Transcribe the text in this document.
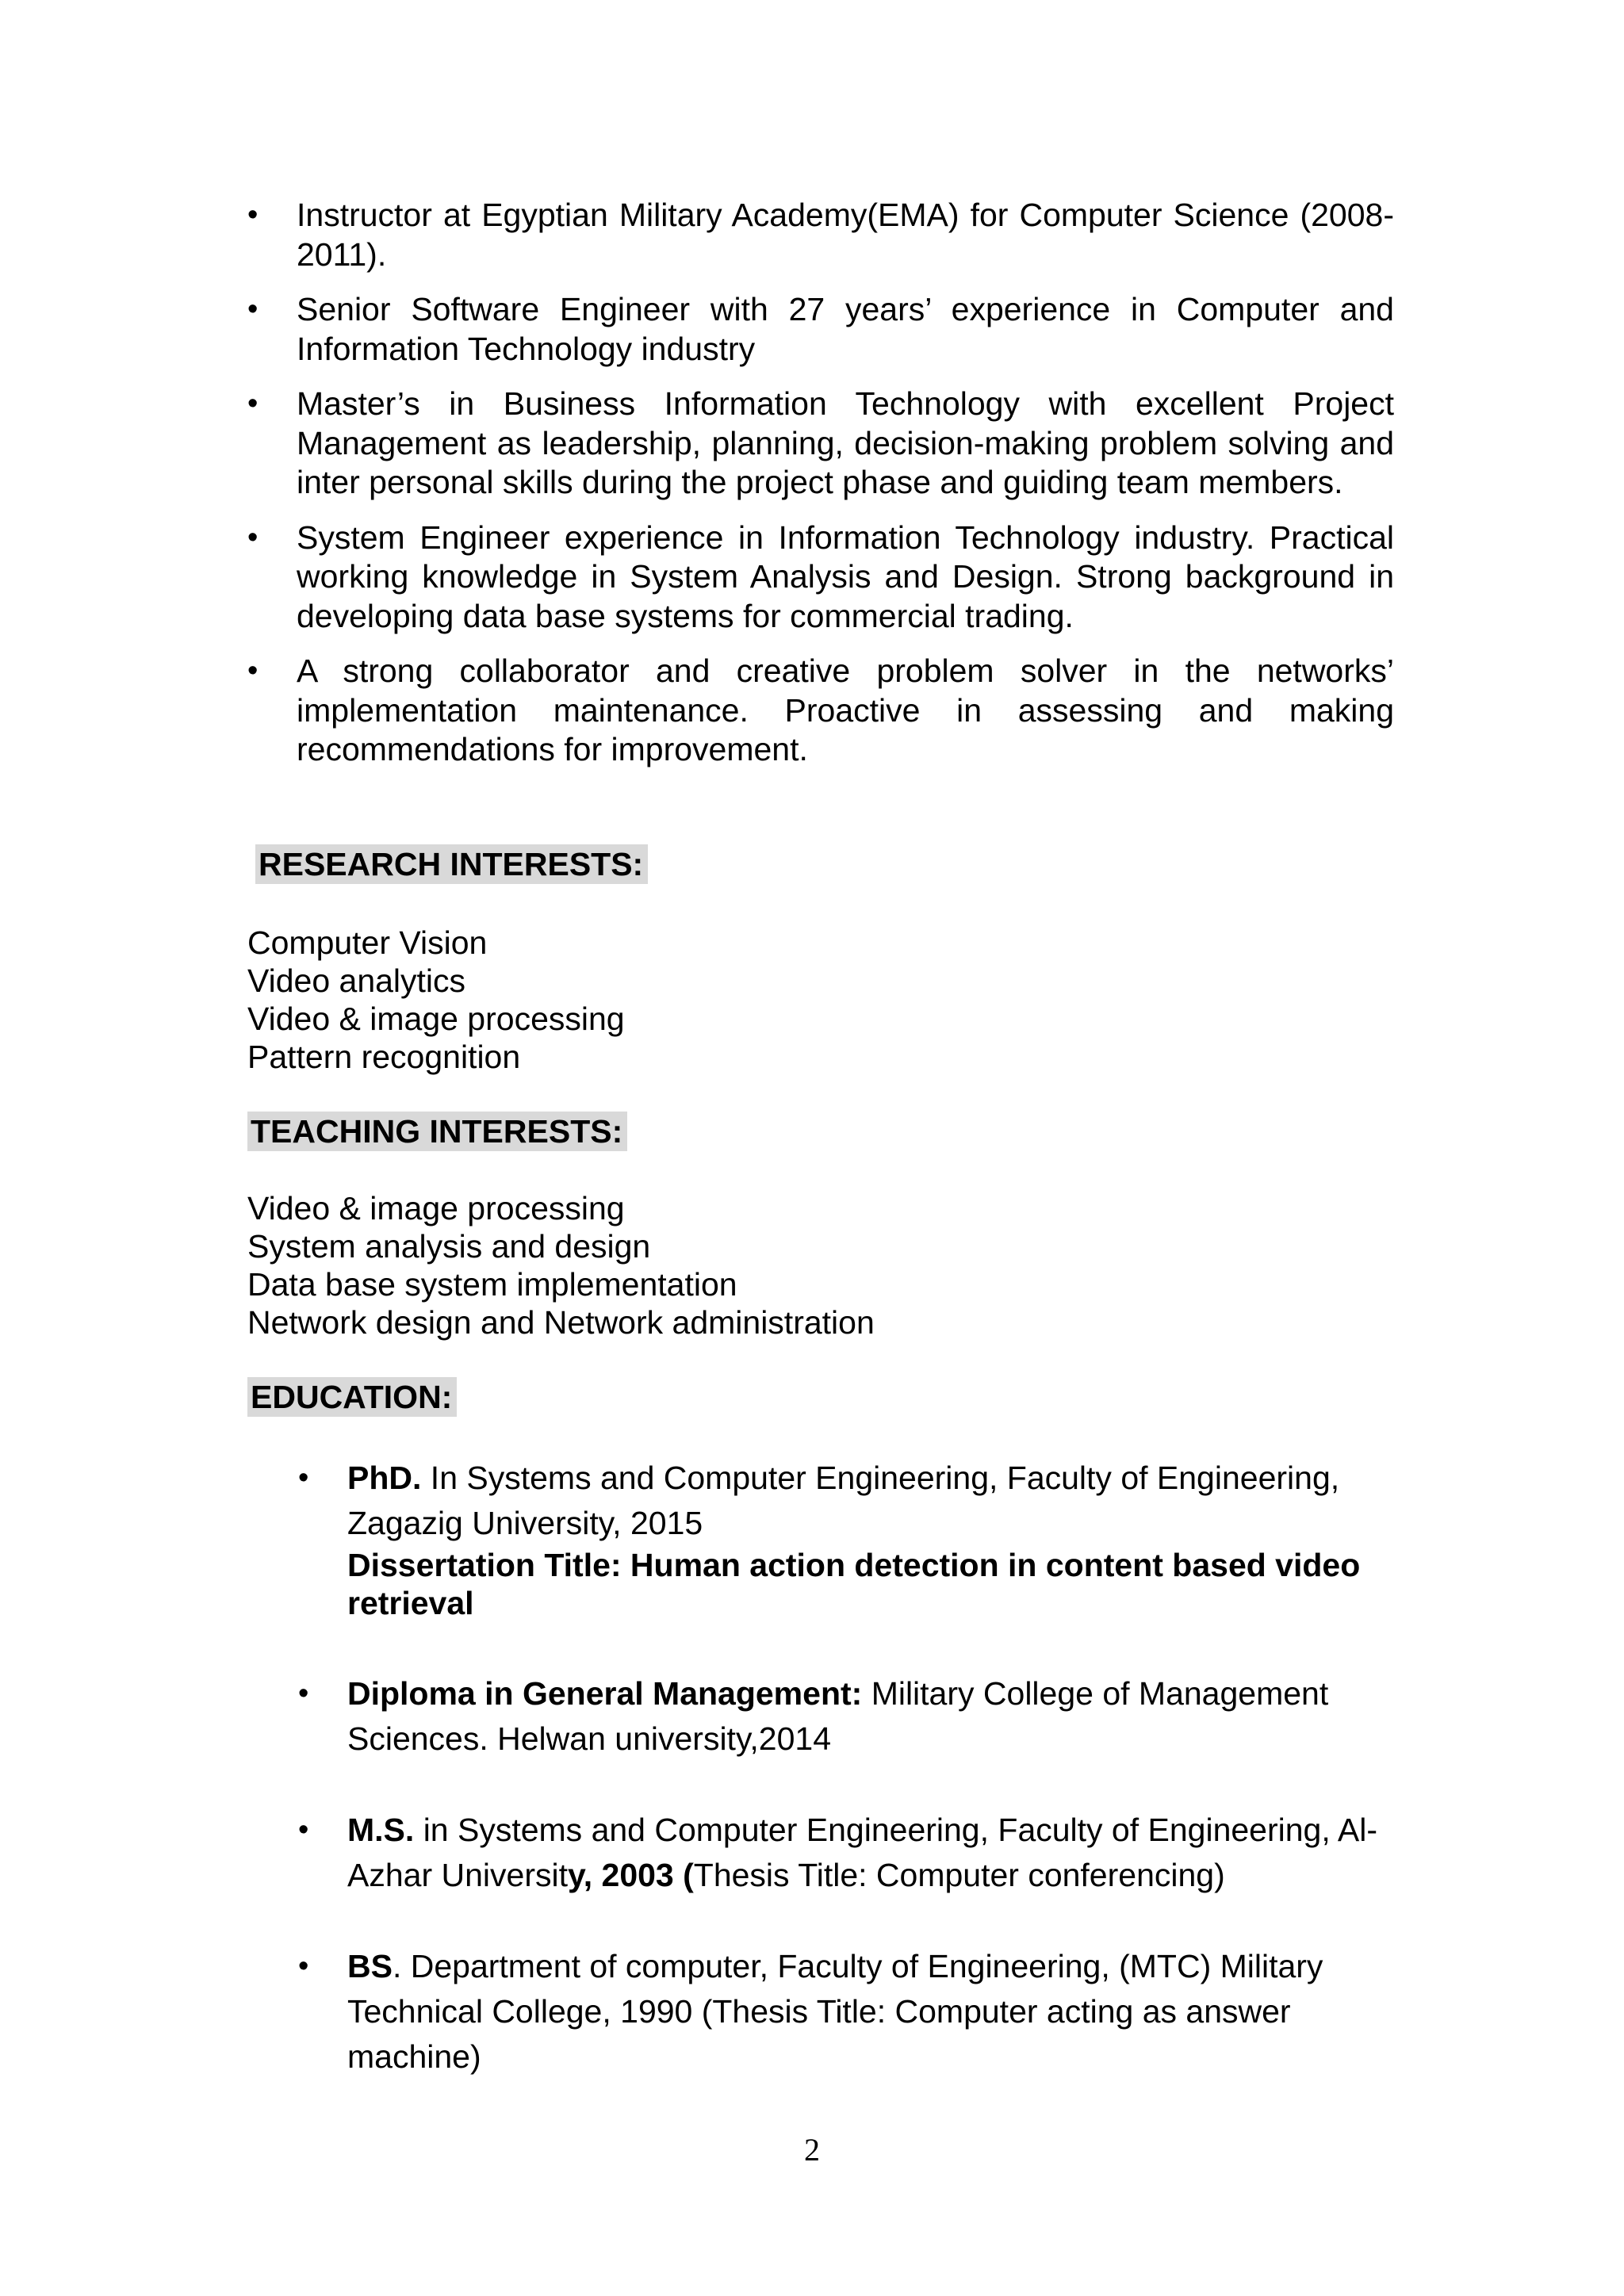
• Instructor at Egyptian Military Academy(EMA) for Computer Science (2008-2011).
• Senior Software Engineer with 27 years’ experience in Computer and Information Technology industry
• Master’s in Business Information Technology with excellent Project Management as leadership, planning, decision-making problem solving and inter personal skills during the project phase and guiding team members.
• System Engineer experience in Information Technology industry. Practical working knowledge in System Analysis and Design. Strong background in developing data base systems for commercial trading.
• A strong collaborator and creative problem solver in the networks’ implementation maintenance. Proactive in assessing and making recommendations for improvement.
RESEARCH INTERESTS:
Computer Vision
Video analytics
Video & image processing
Pattern recognition
TEACHING INTERESTS:
Video & image processing
System analysis and design
Data base system implementation
Network design and Network administration
EDUCATION:
• PhD. In Systems and Computer Engineering, Faculty of Engineering, Zagazig University, 2015
Dissertation Title: Human action detection in content based video retrieval
• Diploma in General Management: Military College of Management Sciences. Helwan university,2014
• M.S. in Systems and Computer Engineering, Faculty of Engineering, Al-Azhar University, 2003 (Thesis Title: Computer conferencing)
• BS. Department of computer, Faculty of Engineering, (MTC) Military Technical College, 1990 (Thesis Title: Computer acting as answer machine)
2
